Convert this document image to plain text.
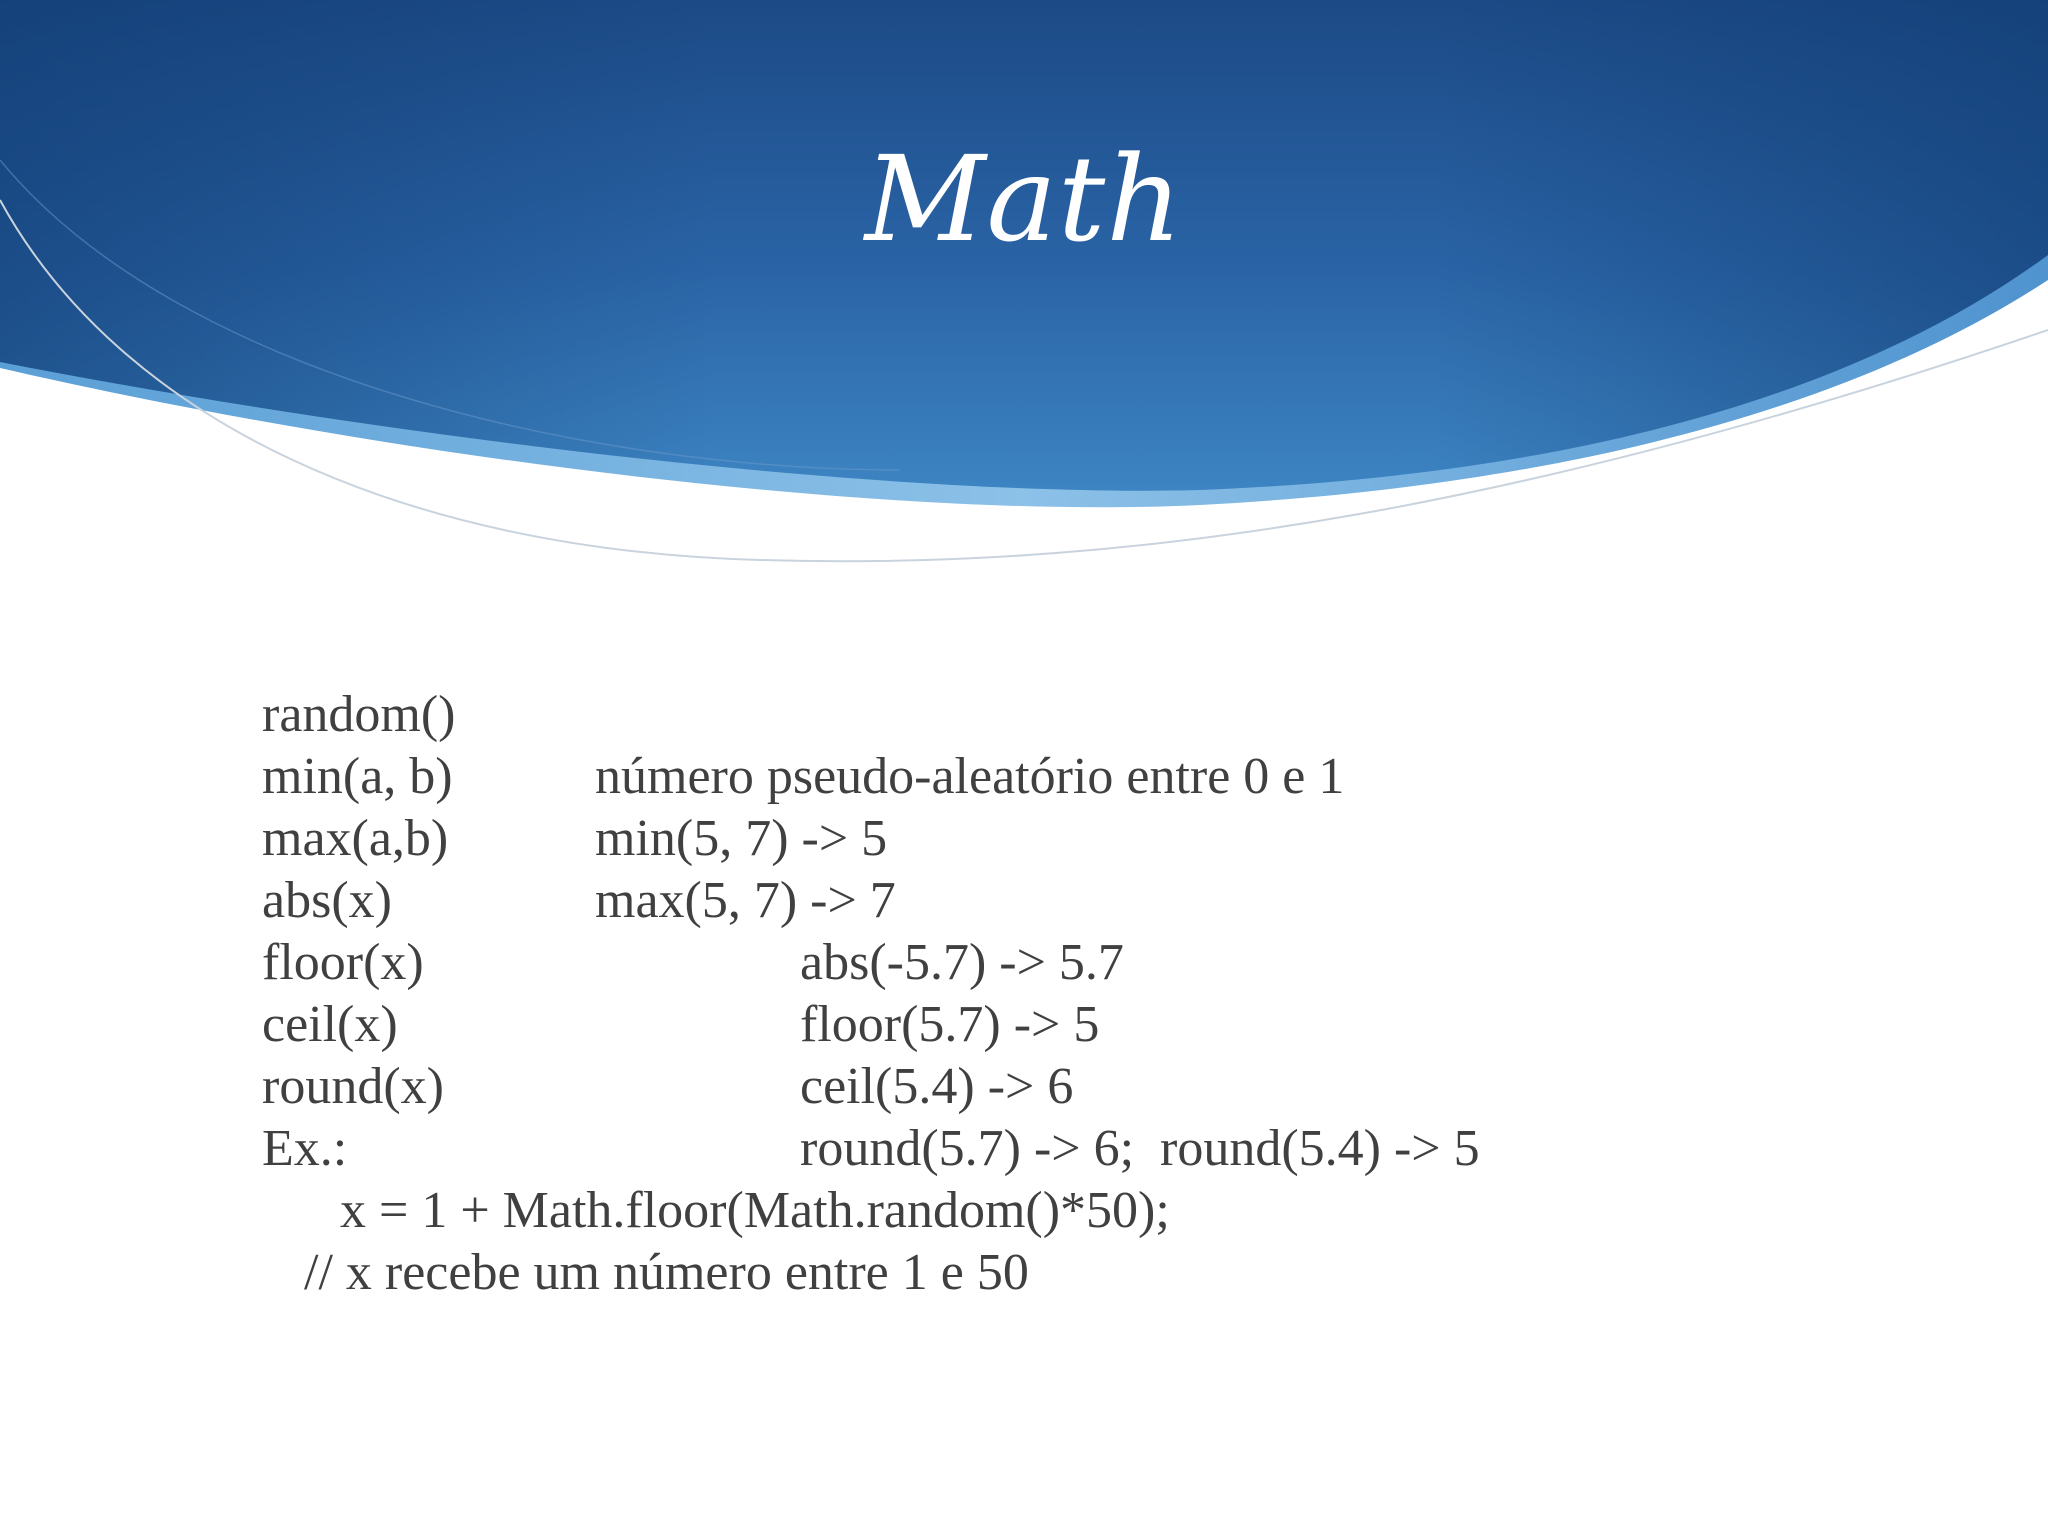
Math

random()

número pseudo-aleatório entre 0 e 1

min(a, b)

min(5, 7) -> 5

max(a,b)

max(5, 7) -> 7

abs(x)

abs(-5.7) -> 5.7

floor(x)

floor(5.7) -> 5

ceil(x)

ceil(5.4) -> 6

round(x)

round(5.7) -> 6;  round(5.4) -> 5

Ex.:
x = 1 + Math.floor(Math.random()*50);
// x recebe um número entre 1 e 50
